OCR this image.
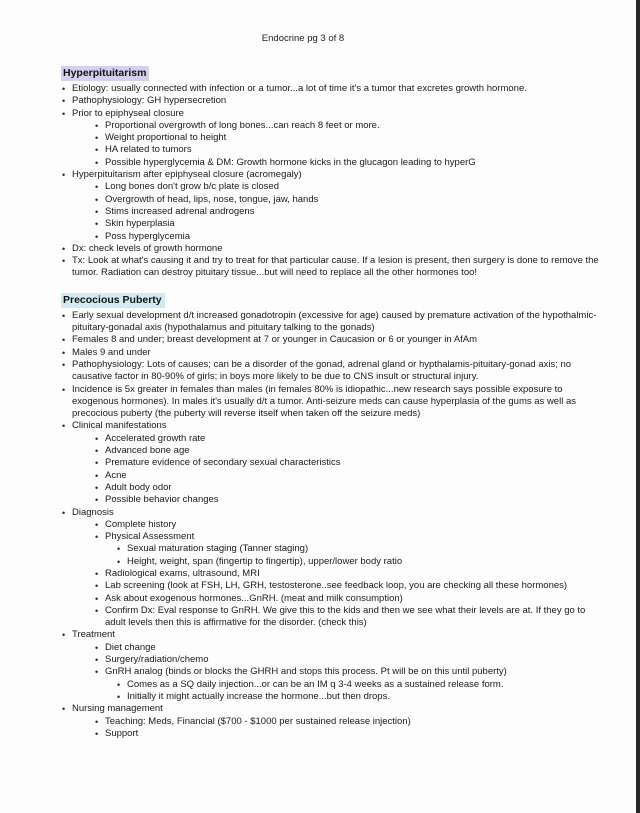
Endocrine pg 3 of 8
Hyperpituitarism
• Etiology: usually connected with infection or a tumor...a lot of time it's a tumor that excretes growth hormone.
• Pathophysiology: GH hypersecretion
• Prior to epiphyseal closure
• Proportional overgrowth of long bones...can reach 8 feet or more.
• Weight proportional to height
• HA related to tumors
• Possible hyperglycemia & DM: Growth hormone kicks in the glucagon leading to hyperG
• Hyperpituitarism after epiphyseal closure (acromegaly)
• Long bones don't grow b/c plate is closed
• Overgrowth of head, lips, nose, tongue, jaw, hands
• Stims increased adrenal androgens
• Skin hyperplasia
• Poss hyperglycemia
• Dx: check levels of growth hormone
• Tx: Look at what's causing it and try to treat for that particular cause. If a lesion is present, then surgery is done to remove the tumor. Radiation can destroy pituitary tissue...but will need to replace all the other hormones too!
Precocious Puberty
• Early sexual development d/t increased gonadotropin (excessive for age) caused by premature activation of the hypothalmic-pituitary-gonadal axis (hypothalamus and pituitary talking to the gonads)
• Females 8 and under; breast development at 7 or younger in Caucasion or 6 or younger in AfAm
• Males 9 and under
• Pathophysiology: Lots of causes; can be a disorder of the gonad, adrenal gland or hypthalamis-pituitary-gonad axis; no causative factor in 80-90% of girls; in boys more likely to be due to CNS insult or structural injury.
• Incidence is 5x greater in females than males (in females 80% is idiopathic...new research says possible exposure to exogenous hormones). In males it's usually d/t a tumor. Anti-seizure meds can cause hyperplasia of the gums as well as precocious puberty (the puberty will reverse itself when taken off the seizure meds)
• Clinical manifestations
• Accelerated growth rate
• Advanced bone age
• Premature evidence of secondary sexual characteristics
• Acne
• Adult body odor
• Possible behavior changes
• Diagnosis
• Complete history
• Physical Assessment
• Sexual maturation staging (Tanner staging)
• Height, weight, span (fingertip to fingertip), upper/lower body ratio
• Radiological exams, ultrasound, MRI
• Lab screening (look at FSH, LH, GRH, testosterone..see feedback loop, you are checking all these hormones)
• Ask about exogenous hormones...GnRH. (meat and milk consumption)
• Confirm Dx: Eval response to GnRH. We give this to the kids and then we see what their levels are at. If they go to adult levels then this is affirmative for the disorder. (check this)
• Treatment
• Diet change
• Surgery/radiation/chemo
• GnRH analog (binds or blocks the GHRH and stops this process. Pt will be on this until puberty)
• Comes as a SQ daily injection...or can be an IM q 3-4 weeks as a sustained release form.
• Initially it might actually increase the hormone...but then drops.
• Nursing management
• Teaching: Meds, Financial ($700 - $1000 per sustained release injection)
• Support
